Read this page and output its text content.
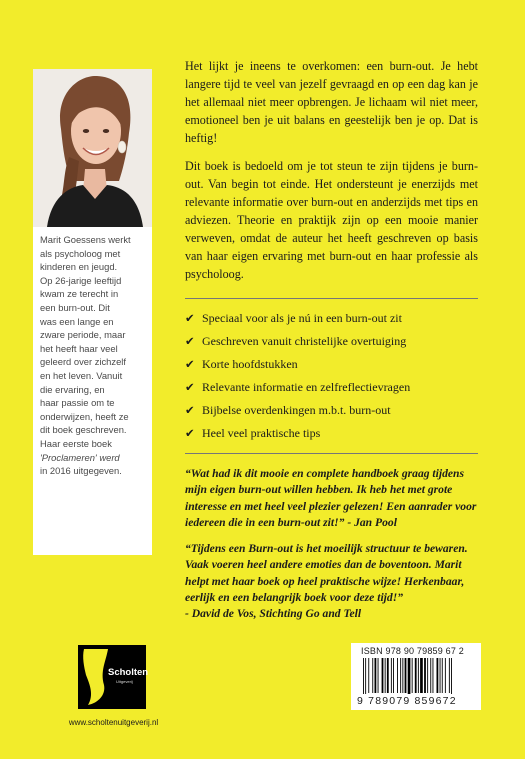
Marit Goessens werkt
als psycholoog met
kinderen en jeugd.
Op 26-jarige leeftijd
kwam ze terecht in
een burn-out. Dit
was een lange en
zware periode, maar
het heeft haar veel
geleerd over zichzelf
en het leven. Vanuit
die ervaring, en
haar passie om te
onderwijzen, heeft ze
dit boek geschreven.
Haar eerste boek
'Proclameren' werd
in 2016 uitgegeven.
Scholten
Uitgeverij
www.scholtenuitgeverij.nl

Het lijkt je ineens te overkomen: een burn-out. Je hebt langere tijd te veel van jezelf gevraagd en op een dag kan je het allemaal niet meer opbrengen. Je lichaam wil niet meer, emotioneel ben je uit balans en geestelijk ben je op. Dat is heftig!

Dit boek is bedoeld om je tot steun te zijn tijdens je burn-out. Van begin tot einde. Het ondersteunt je enerzijds met relevante informatie over burn-out en anderzijds met tips en adviezen. Theorie en praktijk zijn op een mooie manier verweven, omdat de auteur het heeft geschreven op basis van haar eigen ervaring met burn-out en haar professie als psycholoog.

✔ Speciaal voor als je nú in een burn-out zit
✔ Geschreven vanuit christelijke overtuiging
✔ Korte hoofdstukken
✔ Relevante informatie en zelfreflectievragen
✔ Bijbelse overdenkingen m.b.t. burn-out
✔ Heel veel praktische tips

“Wat had ik dit mooie en complete handboek graag tijdens mijn eigen burn-out willen hebben. Ik heb het met grote interesse en met heel veel plezier gelezen! Een aanrader voor iedereen die in een burn-out zit!” - Jan Pool

“Tijdens een Burn-out is het moeilijk structuur te bewaren. Vaak voeren heel andere emoties dan de boventoon. Marit helpt met haar boek op heel praktische wijze! Herkenbaar, eerlijk en een belangrijk boek voor deze tijd!”
- David de Vos, Stichting Go and Tell

ISBN 978 90 79859 67 2
9 789079 859672
